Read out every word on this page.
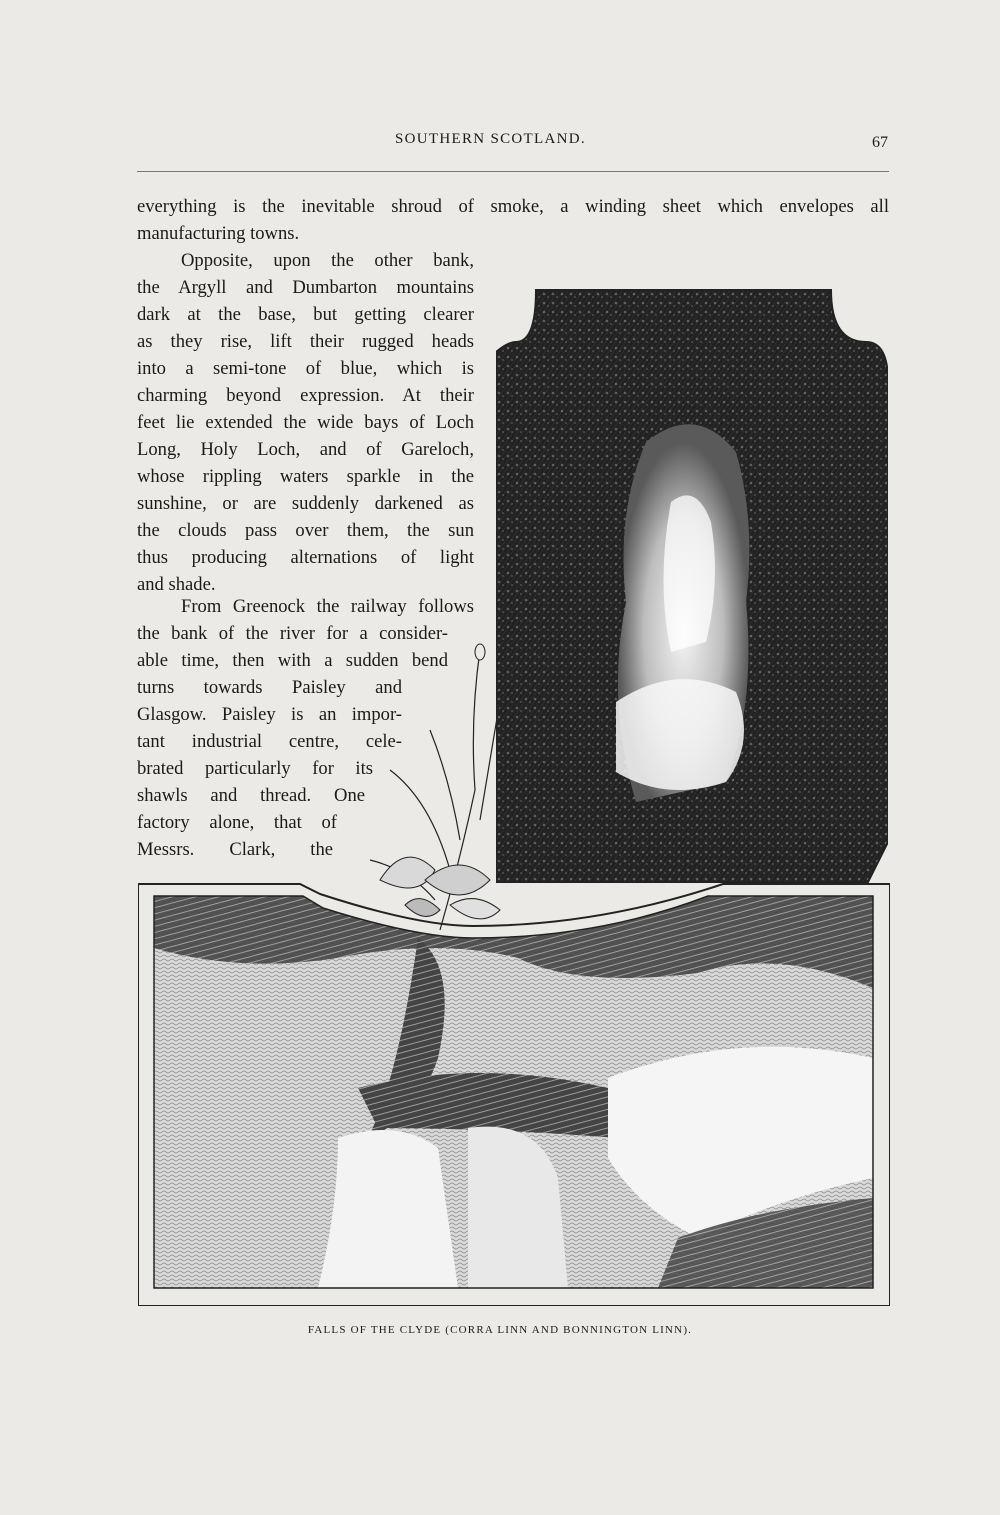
SOUTHERN SCOTLAND.	67

everything is the inevitable shroud of smoke, a winding sheet which envelopes all
manufacturing towns.

Opposite, upon the other bank,
the Argyll and Dumbarton mountains
dark at the base, but getting clearer
as they rise, lift their rugged heads
into a semi-tone of blue, which is
charming beyond expression. At their
feet lie extended the wide bays of Loch
Long, Holy Loch, and of Gareloch,
whose rippling waters sparkle in the
sunshine, or are suddenly darkened as
the clouds pass over them, the sun
thus producing alternations of light
and shade.
From Greenock the railway follows
the bank of the river for a consider-
able time, then with a sudden bend
turns towards Paisley and
Glasgow. Paisley is an impor-
tant industrial centre, cele-
brated particularly for its
shawls and thread. One
factory alone, that of
Messrs. Clark, the
FALLS OF THE CLYDE (CORRA LINN AND BONNINGTON LINN).
